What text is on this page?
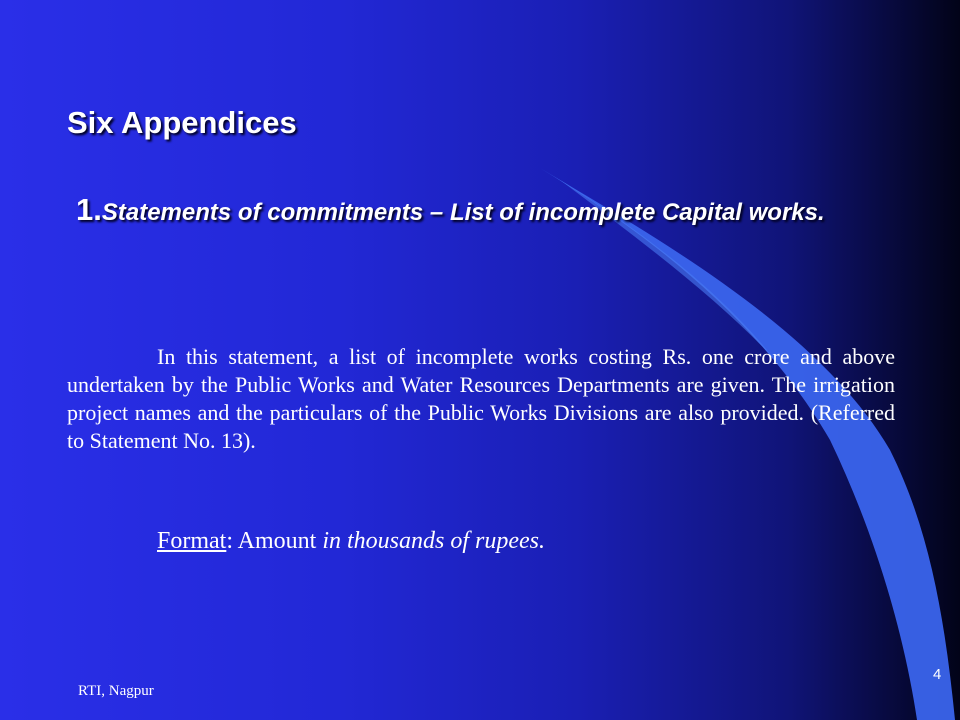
Six Appendices
1.Statements of commitments – List of incomplete Capital works.

In this statement, a list of incomplete works costing Rs. one crore and above undertaken by the Public Works and Water Resources Departments are given. The irrigation project names and the particulars of the Public Works Divisions are also provided. (Referred to Statement No. 13).

Format: Amount in thousands of rupees.

RTI, Nagpur
4
